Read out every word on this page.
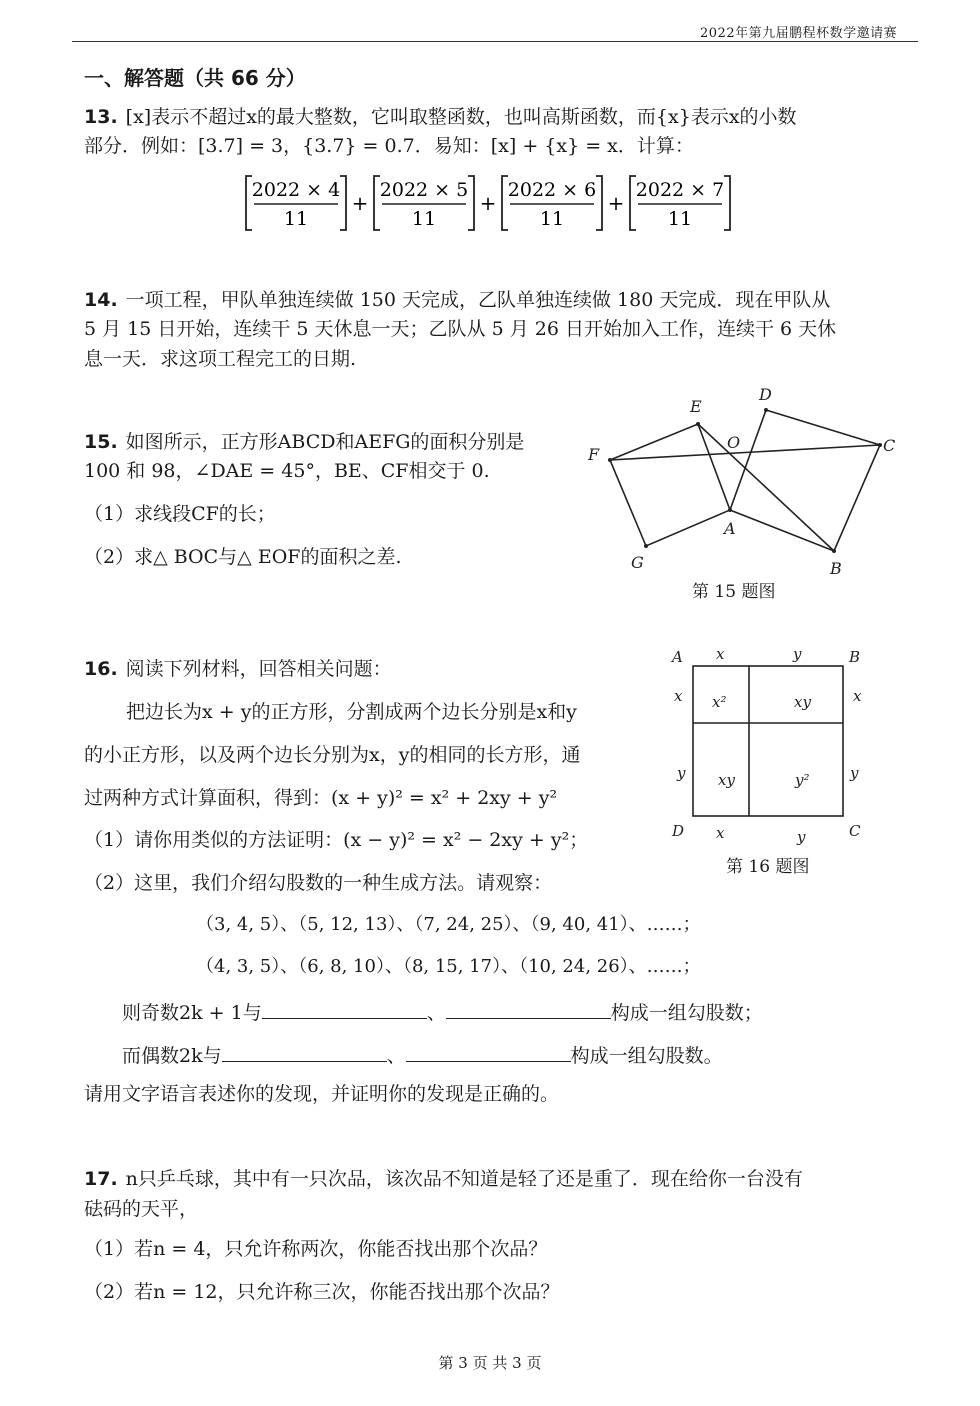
2022年第九届鹏程杯数学邀请赛
一、解答题（共 66 分）
13. [x]表示不超过x的最大整数，它叫取整函数，也叫高斯函数，而{x}表示x的小数
部分．例如：[3.7] = 3，{3.7} = 0.7．易知：[x] + {x} = x．计算：
2022 × 4
11
+
2022 × 5
11
+
2022 × 6
11
+
2022 × 7
11
14. 一项工程，甲队单独连续做 150 天完成，乙队单独连续做 180 天完成．现在甲队从
5 月 15 日开始，连续干 5 天休息一天；乙队从 5 月 26 日开始加入工作，连续干 6 天休
息一天．求这项工程完工的日期.
15. 如图所示，正方形ABCD和AEFG的面积分别是
100 和 98，∠DAE = 45°，BE、CF相交于 0.
（1）求线段CF的长；
（2）求△ BOC与△ EOF的面积之差.
E
D
O	C
F
A
G	B
第 15 题图
16. 阅读下列材料，回答相关问题：
把边长为x + y的正方形，分割成两个边长分别是x和y
的小正方形，以及两个边长分别为x，y的相同的长方形，通
过两种方式计算面积，得到：(x + y)² = x² + 2xy + y²
（1）请你用类似的方法证明：(x − y)² = x² − 2xy + y²；
（2）这里，我们介绍勾股数的一种生成方法。请观察：
（3, 4, 5）、（5, 12, 13）、（7, 24, 25）、（9, 40, 41）、……；
（4, 3, 5）、（6, 8, 10）、（8, 15, 17）、（10, 24, 26）、……；
则奇数2k + 1与	、	构成一组勾股数；
而偶数2k与	、	构成一组勾股数。
请用文字语言表述你的发现，并证明你的发现是正确的。
A	B
C
D
x	y
x	y
x
y
x
y
x²	xy
xy	y²
第 16 题图
17. n只乒乓球，其中有一只次品，该次品不知道是轻了还是重了．现在给你一台没有
砝码的天平，
（1）若n = 4，只允许称两次，你能否找出那个次品？
（2）若n = 12，只允许称三次，你能否找出那个次品？
第 3 页 共 3 页
